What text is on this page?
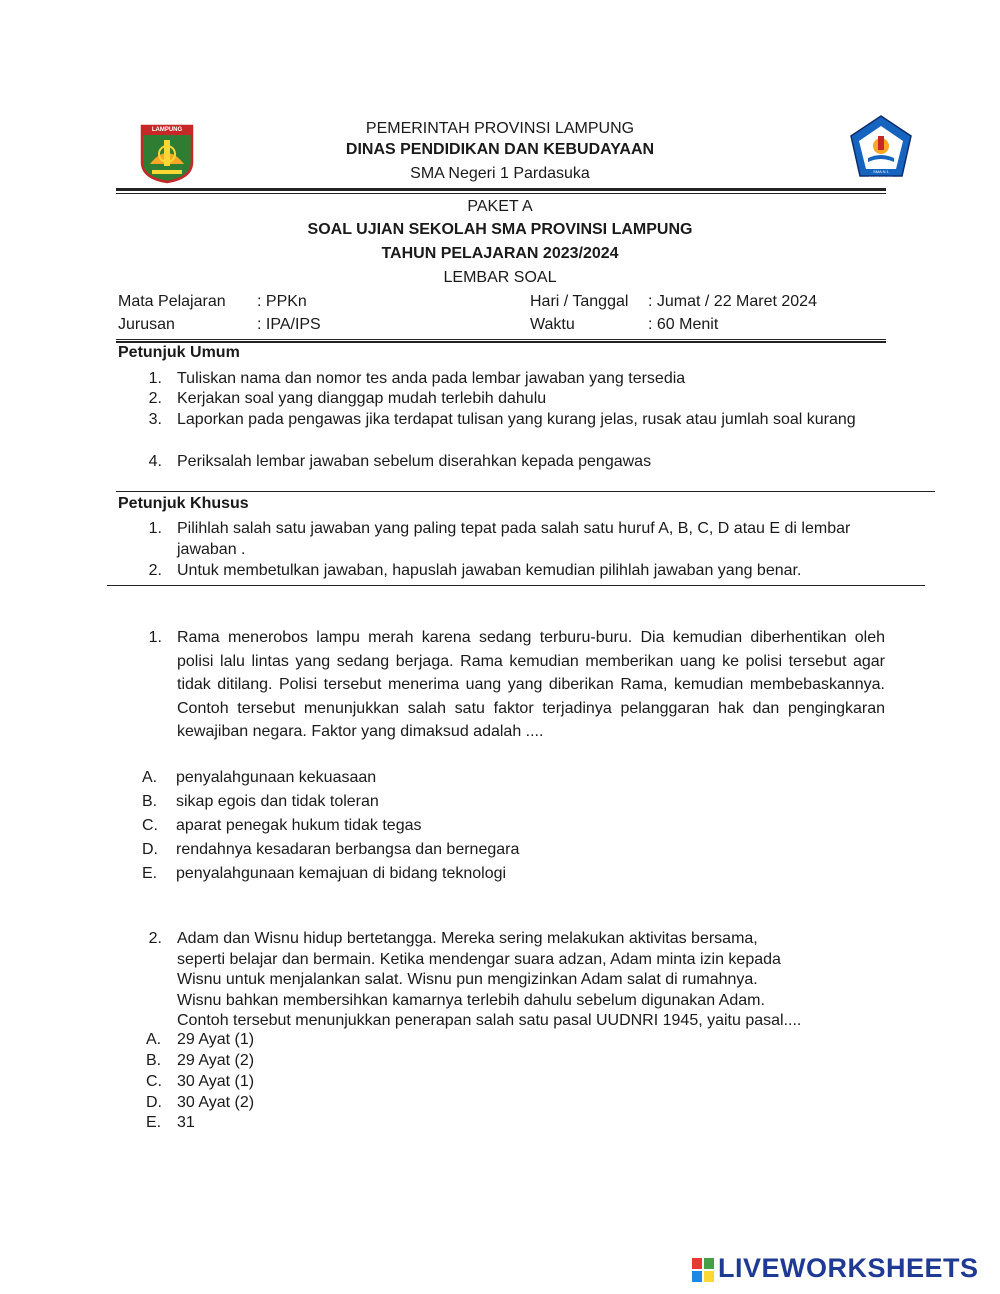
LAMPUNG
SMA N 1 PARDASUKA
PEMERINTAH PROVINSI LAMPUNG
DINAS PENDIDIKAN DAN KEBUDAYAAN
SMA Negeri 1 Pardasuka
PAKET A
SOAL UJIAN SEKOLAH SMA PROVINSI LAMPUNG
TAHUN PELAJARAN 2023/2024
LEMBAR SOAL
Mata Pelajaran : PPKn	Hari / Tanggal : Jumat / 22 Maret 2024
Jurusan	: IPA/IPS	Waktu	: 60 Menit
Petunjuk Umum
1. Tuliskan nama dan nomor tes anda pada lembar jawaban yang tersedia
2. Kerjakan soal yang dianggap mudah terlebih dahulu
3. Laporkan pada pengawas jika terdapat tulisan yang kurang jelas, rusak atau jumlah soal kurang
4. Periksalah lembar jawaban sebelum diserahkan kepada pengawas
Petunjuk Khusus
1. Pilihlah salah satu jawaban yang paling tepat pada salah satu huruf A, B, C, D atau E di lembar jawaban .
2. Untuk membetulkan jawaban, hapuslah jawaban kemudian pilihlah jawaban yang benar.
1. Rama menerobos lampu merah karena sedang terburu-buru. Dia kemudian diberhentikan oleh polisi lalu lintas yang sedang berjaga. Rama kemudian memberikan uang ke polisi tersebut agar tidak ditilang. Polisi tersebut menerima uang yang diberikan Rama, kemudian membebaskannya. Contoh tersebut menunjukkan salah satu faktor terjadinya pelanggaran hak dan pengingkaran kewajiban negara. Faktor yang dimaksud adalah ....
A. penyalahgunaan kekuasaan
B. sikap egois dan tidak toleran
C. aparat penegak hukum tidak tegas
D. rendahnya kesadaran berbangsa dan bernegara
E. penyalahgunaan kemajuan di bidang teknologi
2. Adam dan Wisnu hidup bertetangga. Mereka sering melakukan aktivitas bersama,
seperti belajar dan bermain. Ketika mendengar suara adzan, Adam minta izin kepada
Wisnu untuk menjalankan salat. Wisnu pun mengizinkan Adam salat di rumahnya.
Wisnu bahkan membersihkan kamarnya terlebih dahulu sebelum digunakan Adam.
Contoh tersebut menunjukkan penerapan salah satu pasal UUDNRI 1945, yaitu pasal....
A. 29 Ayat (1)
B. 29 Ayat (2)
C. 30 Ayat (1)
D. 30 Ayat (2)
E. 31
LIVEWORKSHEETS
